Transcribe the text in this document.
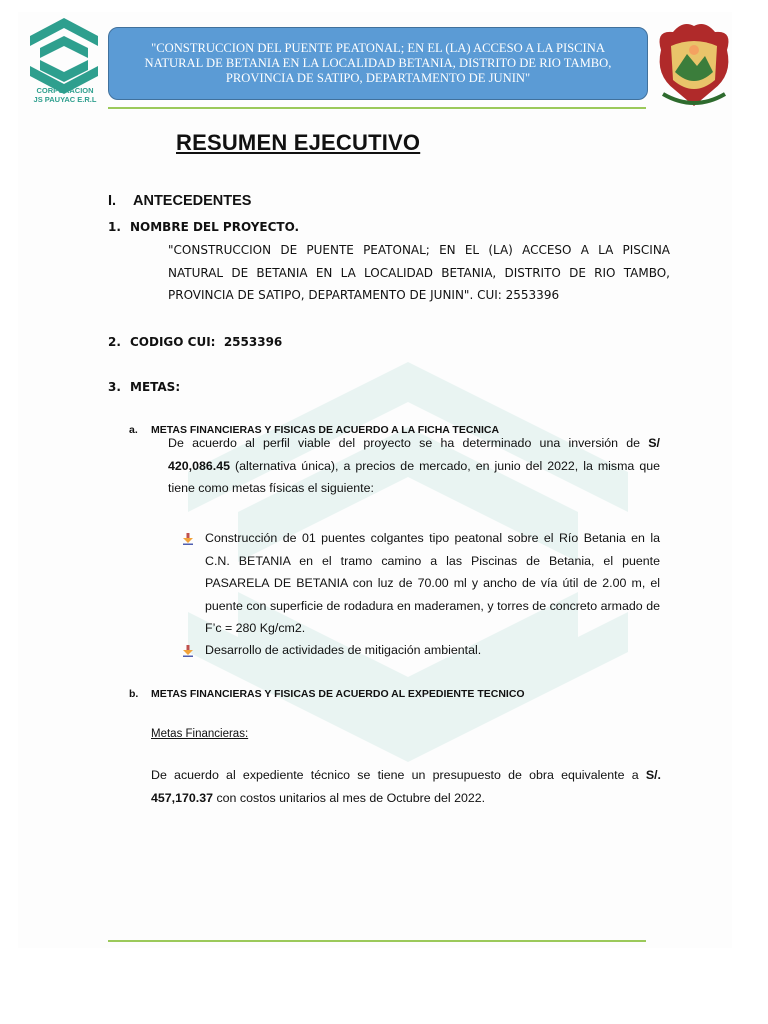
CORPORACION
JS PAUYAC E.R.L
"CONSTRUCCION DEL PUENTE PEATONAL; EN EL (LA) ACCESO A LA PISCINA NATURAL DE BETANIA EN LA LOCALIDAD BETANIA, DISTRITO DE RIO TAMBO, PROVINCIA DE SATIPO, DEPARTAMENTO DE JUNIN"
RESUMEN EJECUTIVO
I. ANTECEDENTES
1. NOMBRE DEL PROYECTO.
"CONSTRUCCION DE PUENTE PEATONAL; EN EL (LA) ACCESO A LA PISCINA NATURAL DE BETANIA EN LA LOCALIDAD BETANIA, DISTRITO DE RIO TAMBO, PROVINCIA DE SATIPO, DEPARTAMENTO DE JUNIN". CUI: 2553396
2. CODIGO CUI:  2553396
3. METAS:
a. METAS FINANCIERAS Y FISICAS DE ACUERDO A LA FICHA TECNICA
De acuerdo al perfil viable del proyecto se ha determinado una inversión de S/ 420,086.45 (alternativa única), a precios de mercado, en junio del 2022, la misma que tiene como metas físicas el siguiente:
Construcción de 01 puentes colgantes tipo peatonal sobre el Río Betania en la C.N. BETANIA en el tramo camino a las Piscinas de Betania, el puente PASARELA DE BETANIA con luz de 70.00 ml y ancho de vía útil de 2.00 m, el puente con superficie de rodadura en maderamen, y torres de concreto armado de F’c = 280 Kg/cm2.
Desarrollo de actividades de mitigación ambiental.
b. METAS FINANCIERAS Y FISICAS DE ACUERDO AL EXPEDIENTE TECNICO
Metas Financieras:
De acuerdo al expediente técnico se tiene un presupuesto de obra equivalente a S/. 457,170.37 con costos unitarios al mes de Octubre del 2022.
